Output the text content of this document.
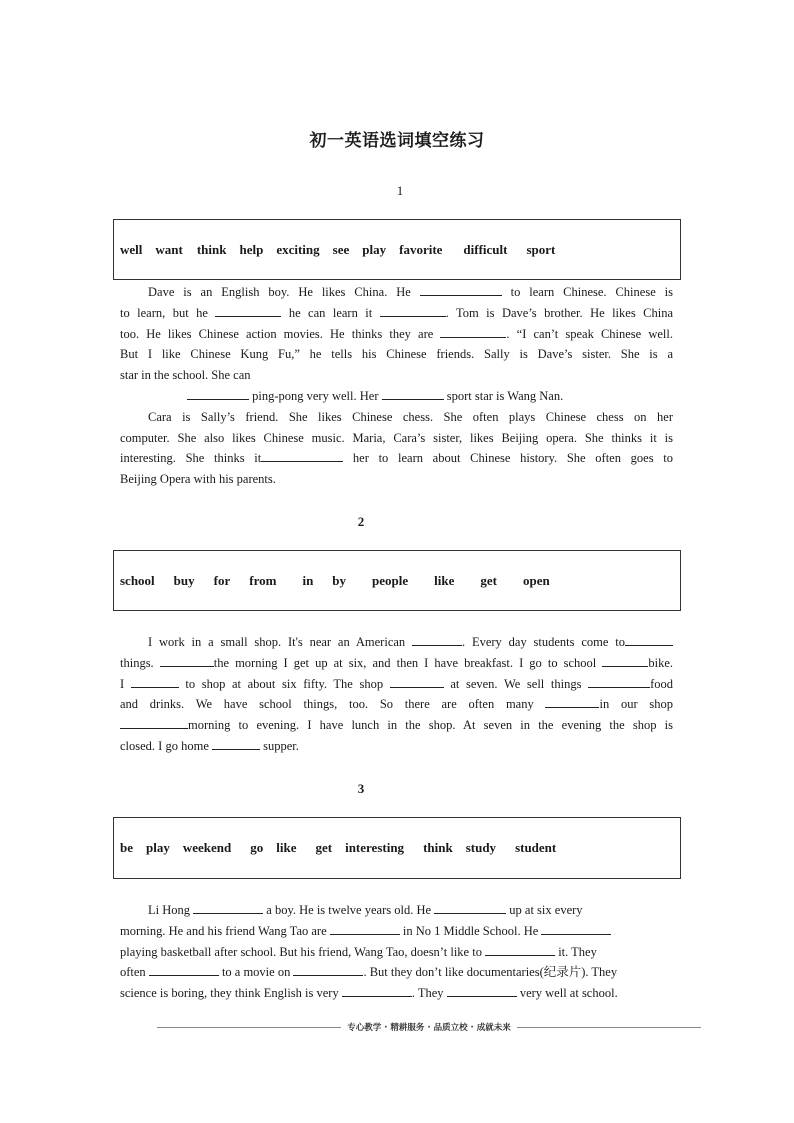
初一英语选词填空练习
1
well want think help exciting see play favorite difficult sport
Dave is an English boy. He likes China. He	to learn Chinese. Chinese is
to learn, but he	he can learn it	. Tom is Dave’s brother. He likes China
too. He likes Chinese action movies. He thinks they are	. “I can’t speak Chinese well.
But I like Chinese Kung Fu,” he tells his Chinese friends. Sally is Dave’s sister. She is a
star in the school. She can
ping-pong very well. Her	sport star is Wang Nan.
Cara is Sally’s friend. She likes Chinese chess. She often plays Chinese chess on her
computer. She also likes Chinese music. Maria, Cara’s sister, likes Beijing opera. She thinks it is
interesting. She thinks it	her to learn about Chinese history. She often goes to
Beijing Opera with his parents.
2
school buy for from in by people like get open
I work in a small shop. It's near an American	. Every day students come to
things.	the morning I get up at six, and then I have breakfast. I go to school	bike.
I	to shop at about six fifty. The shop	at seven. We sell things	food
and drinks. We have school things, too. So there are often many	in our shop
morning to evening. I have lunch in the shop. At seven in the evening the shop is
closed. I go home	supper.
3
be play weekend go like get interesting think study student
Li Hong	a boy. He is twelve years old. He	up at six every
morning. He and his friend Wang Tao are	in No 1 Middle School. He
playing basketball after school. But his friend, Wang Tao, doesn’t like to	it. They
often	to a movie on	. But they don’t like documentaries(纪录片). They
science is boring, they think English is very	. They	very well at school.
专心教学 · 精耕服务 · 品质立校 · 成就未来
